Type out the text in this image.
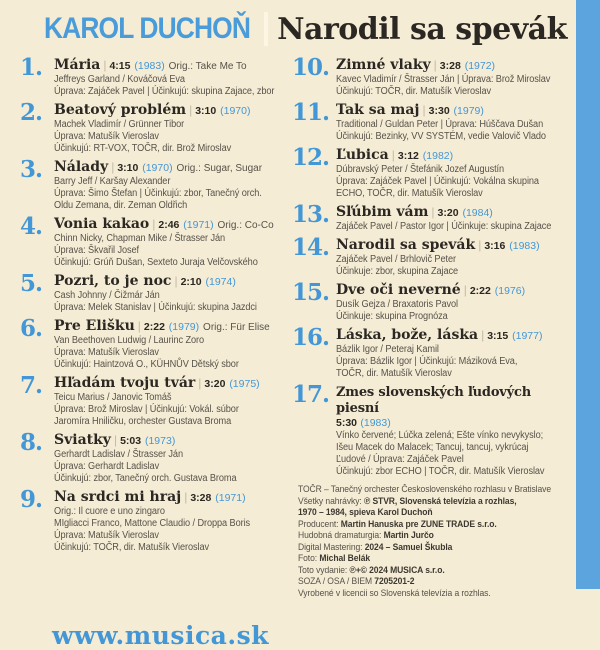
KAROL DUCHOŇ Narodil sa spevák
1. Mária | 4:15 (1983) Orig.: Take Me To
Jeffreys Garland / Kováčová Eva
Úprava: Zajáček Pavel | Účinkujú: skupina Zajace, zbor
2. Beatový problém | 3:10 (1970)
Machek Vladimír / Grünner Tibor
Úprava: Matušík Vieroslav
Účinkujú: RT-VOX, TOČR, dir. Brož Miroslav
3. Nálady | 3:10 (1970) Orig.: Sugar, Sugar
Barry Jeff / Karšay Alexander
Úprava: Šimo Štefan | Účinkujú: zbor, Tanečný orch.
Oldu Zemana, dir. Zeman Oldřich
4. Vonia kakao | 2:46 (1971) Orig.: Co-Co
Chinn Nicky, Chapman Mike / Štrasser Ján
Úprava: Škvařil Josef
Účinkujú: Grúň Dušan, Sexteto Juraja Velčovského
5. Pozri, to je noc | 2:10 (1974)
Cash Johnny / Čižmár Ján
Úprava: Melek Stanislav | Účinkujú: skupina Jazdci
6. Pre Elišku | 2:22 (1979) Orig.: Für Elise
Van Beethoven Ludwig / Laurinc Zoro
Úprava: Matušík Vieroslav
Účinkujú: Haintzová O., KÜHNŮV Dětský sbor
7. Hľadám tvoju tvár | 3:20 (1975)
Teicu Marius / Janovic Tomáš
Úprava: Brož Miroslav | Účinkujú: Vokál. súbor
Jaromíra Hniličku, orchester Gustava Broma
8. Sviatky | 5:03 (1973)
Gerhardt Ladislav / Štrasser Ján
Úprava: Gerhardt Ladislav
Účinkujú: zbor, Tanečný orch. Gustava Broma
9. Na srdci mi hraj | 3:28 (1971)
Orig.: Il cuore e uno zingaro
MIgliacci Franco, Mattone Claudio / Droppa Boris
Úprava: Matušík Vieroslav
Účinkujú: TOČR, dir. Matušík Vieroslav
10. Zimné vlaky | 3:28 (1972)
Kavec Vladimír / Štrasser Ján | Úprava: Brož Miroslav
Účinkujú: TOČR, dir. Matušík Vieroslav
11. Tak sa maj | 3:30 (1979)
Traditional / Guldan Peter | Úprava: Húščava Dušan
Účinkujú: Bezinky, VV SYSTÉM, vedie Valovič Vlado
12. Ľubica | 3:12 (1982)
Dúbravský Peter / Štefánik Jozef Augustín
Úprava: Zajáček Pavel | Účinkujú: Vokálna skupina
ECHO, TOČR, dir. Matušík Vieroslav
13. Sľúbim vám | 3:20 (1984)
Zajáček Pavel / Pastor Igor | Účinkuje: skupina Zajace
14. Narodil sa spevák | 3:16 (1983)
Zajáček Pavel / Brhlovič Peter
Účinkuje: zbor, skupina Zajace
15. Dve oči neverné | 2:22 (1976)
Dusík Gejza / Braxatoris Pavol
Účinkuje: skupina Prognóza
16. Láska, bože, láska | 3:15 (1977)
Bázlik Igor / Peteraj Kamil
Úprava: Bázlik Igor | Účinkujú: Máziková Eva,
TOČR, dir. Matušík Vieroslav
17. Zmes slovenských ľudových piesní
5:30 (1983)
Vínko červené; Lúčka zelená; Ešte vínko nevykyslo;
Išeu Macek do Malacek; Tancuj, tancuj, vykrúcaj
Ľudové / Úprava: Zajáček Pavel
Účinkujú: zbor ECHO | TOČR, dir. Matušík Vieroslav
TOČR – Tanečný orchester Československého rozhlasu v Bratislave
Všetky nahrávky: ℗ STVR, Slovenská televízia a rozhlas,
1970 – 1984, spieva Karol Duchoň
Producent: Martin Hanuska pre ZUNE TRADE s.r.o.
Hudobná dramaturgia: Martin Jurčo
Digital Mastering: 2024 – Samuel Škubla
Foto: Michal Belák
Toto vydanie: ℗+© 2024 MUSICA s.r.o.
SOZA / OSA / BIEM 7205201-2
Vyrobené v licencii so Slovenská televízia a rozhlas.
www.musica.sk
